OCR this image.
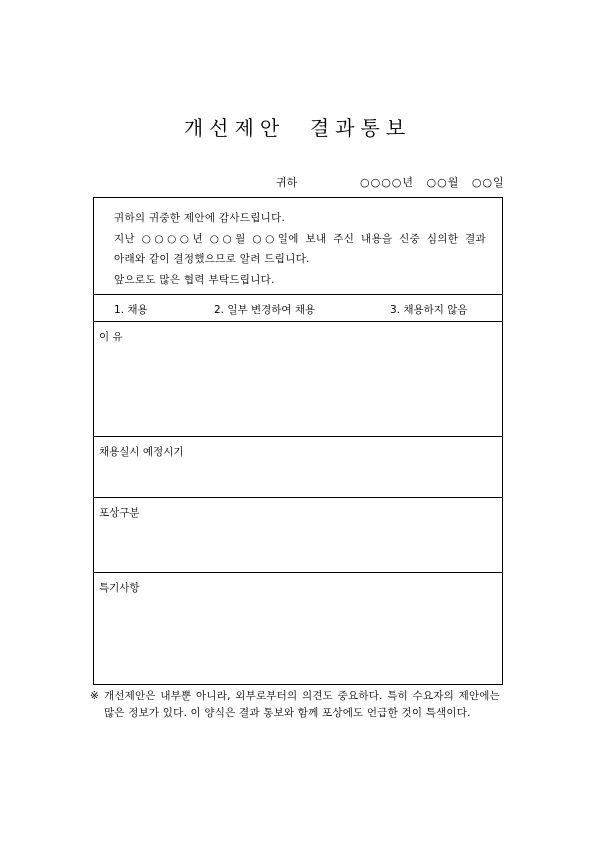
개선제안  결과통보
귀하	○○○○년 ○○월 ○○일

귀하의 귀중한 제안에 감사드립니다.

지난 ○○○○년 ○○월 ○○일에 보내 주신 내용을 신중 심의한 결과

아래와 같이 결정했으므로 알려 드립니다.

앞으로도 많은 협력 부탁드립니다.

1. 채용	2. 일부 변경하여 채용	3. 채용하지 않음
이 유
채용실시 예정시기
포상구분
특기사항
※ 개선제안은 내부뿐 아니라, 외부로부터의 의견도 중요하다. 특히 수요자의 제안에는 많은 정보가 있다. 이 양식은 결과 통보와 함께 포상에도 언급한 것이 특색이다.
